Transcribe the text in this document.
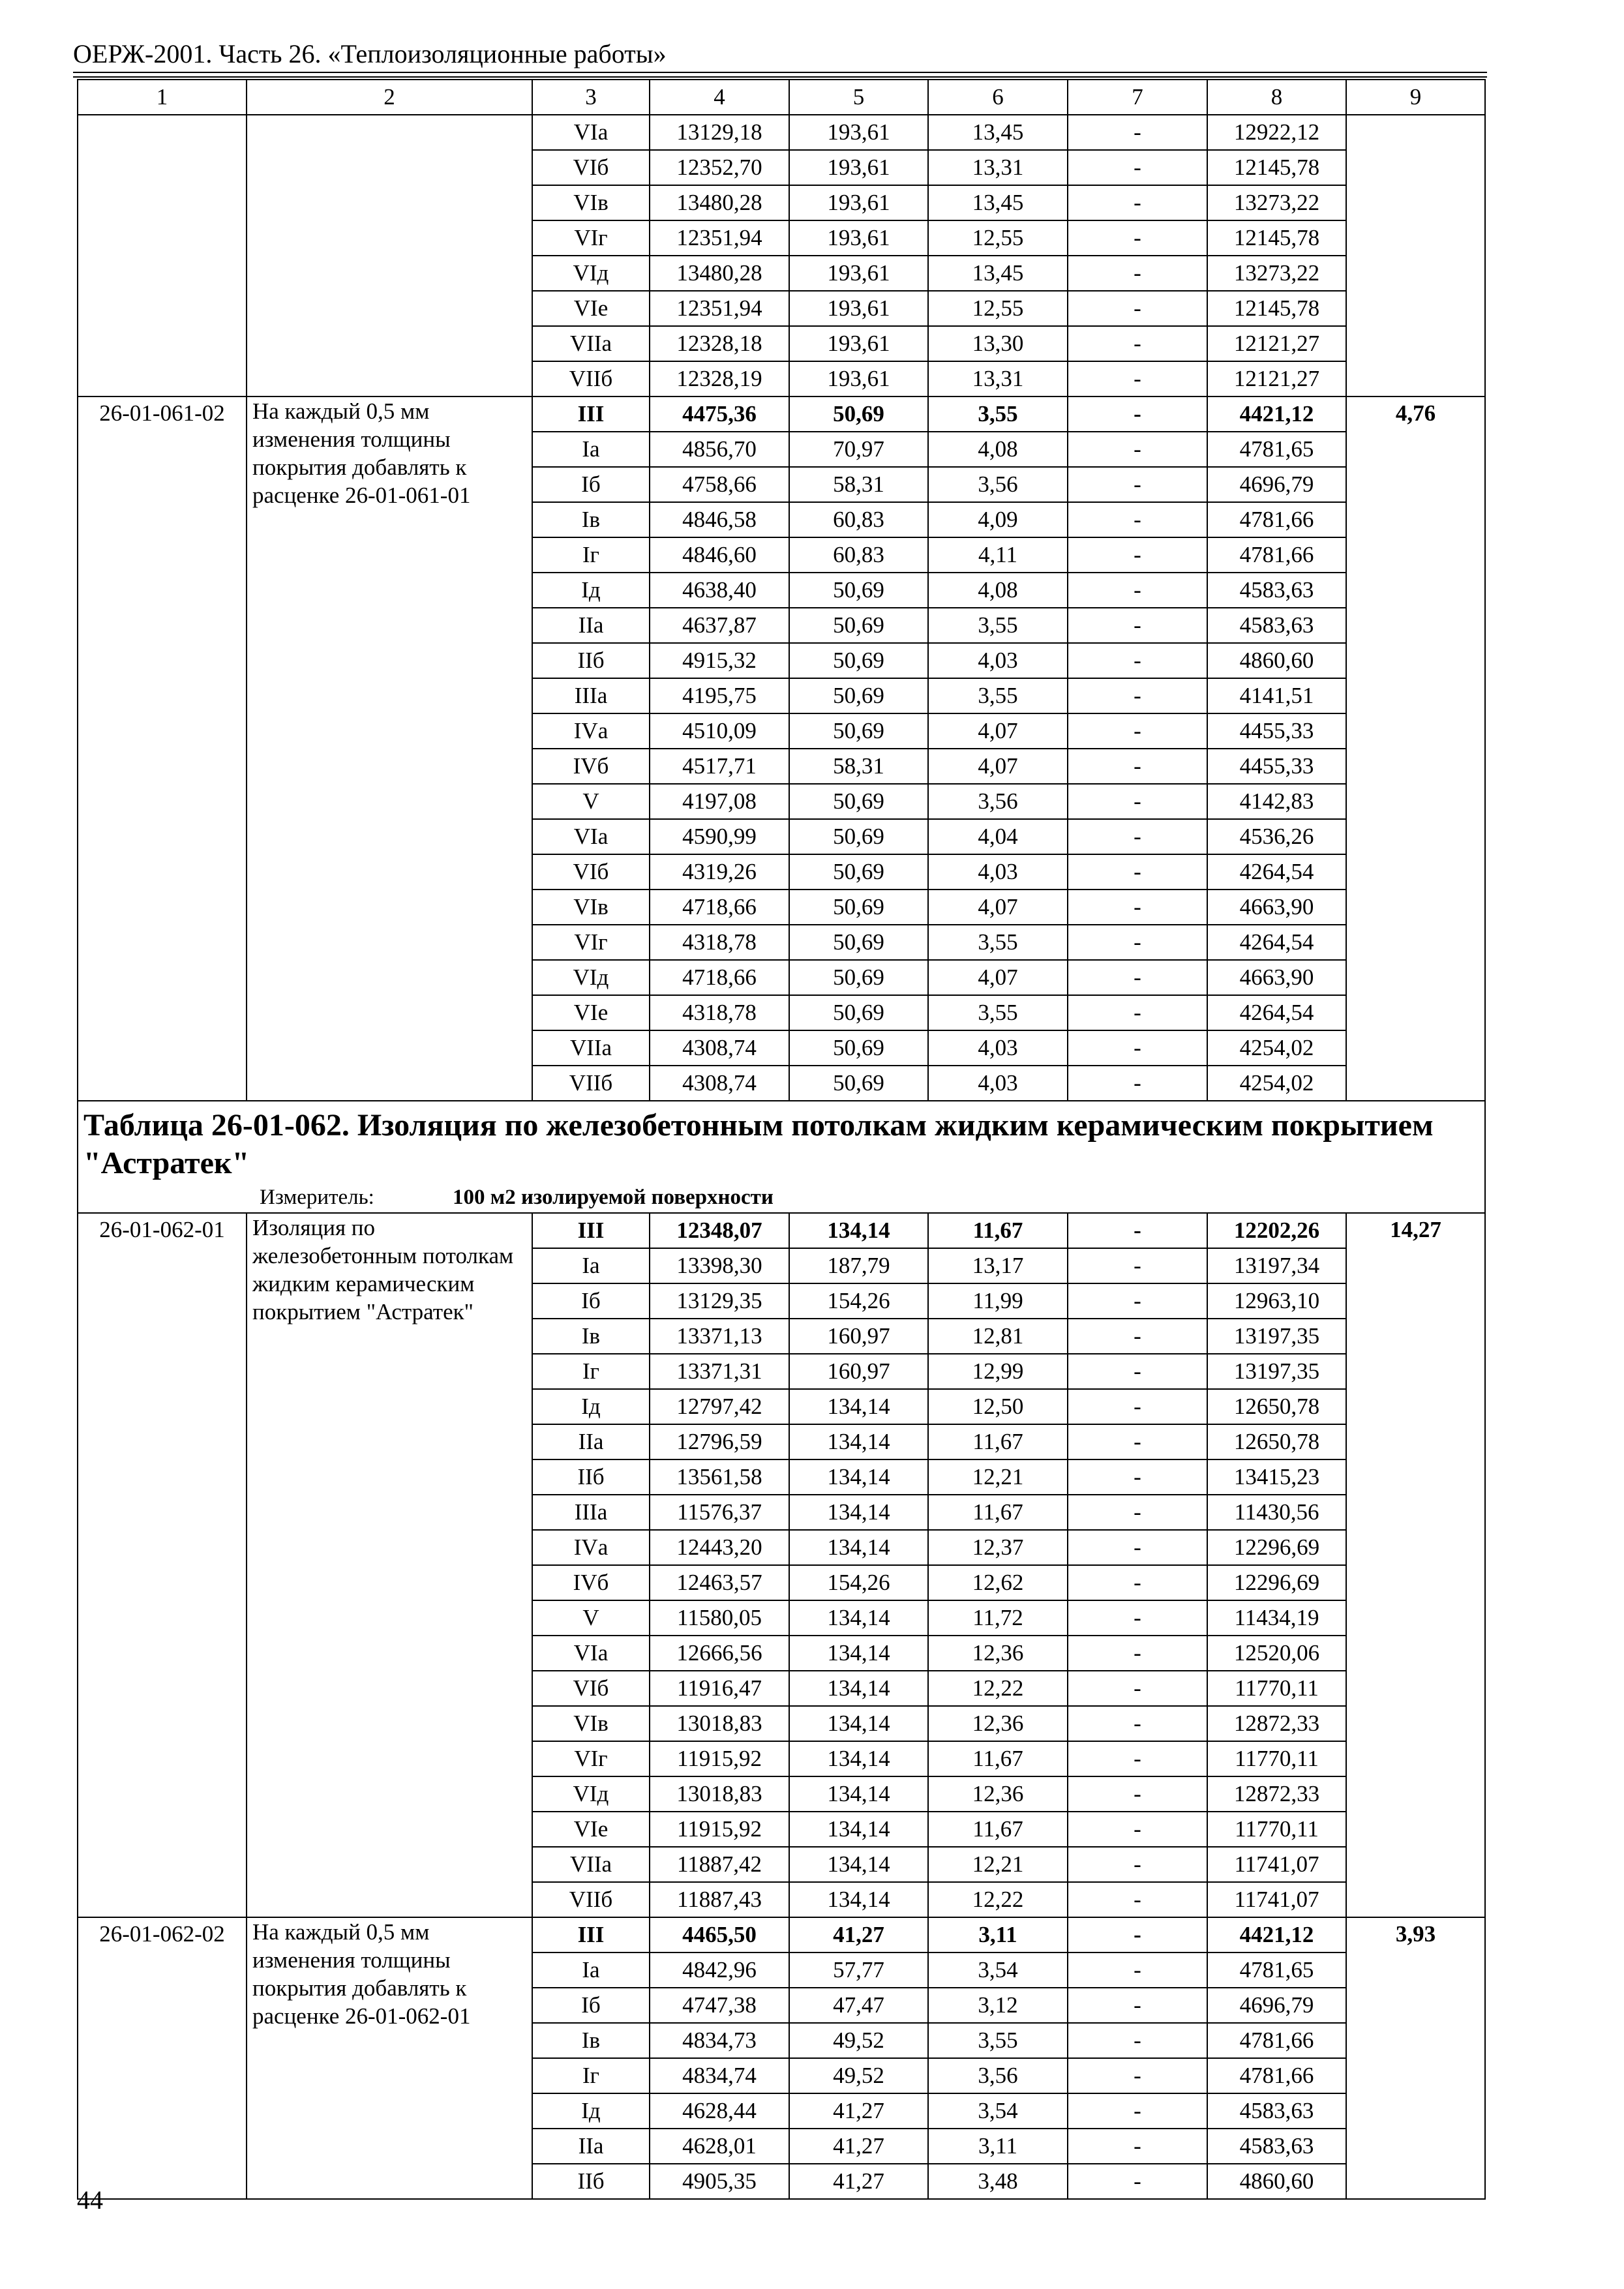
ОЕРЖ-2001. Часть 26. «Теплоизоляционные работы»
1	2	3	4	5	6	7	8	9
		VIа	13129,18	193,61	13,45	-	12922,12	
		VIб	12352,70	193,61	13,31	-	12145,78	
		VIв	13480,28	193,61	13,45	-	13273,22	
		VIг	12351,94	193,61	12,55	-	12145,78	
		VIд	13480,28	193,61	13,45	-	13273,22	
		VIе	12351,94	193,61	12,55	-	12145,78	
		VIIа	12328,18	193,61	13,30	-	12121,27	
		VIIб	12328,19	193,61	13,31	-	12121,27	
26-01-061-02	На каждый 0,5 мм изменения толщины покрытия добавлять к расценке 26-01-061-01	III	4475,36	50,69	3,55	-	4421,12	4,76
		Iа	4856,70	70,97	4,08	-	4781,65	
		Iб	4758,66	58,31	3,56	-	4696,79	
		Iв	4846,58	60,83	4,09	-	4781,66	
		Iг	4846,60	60,83	4,11	-	4781,66	
		Iд	4638,40	50,69	4,08	-	4583,63	
		IIа	4637,87	50,69	3,55	-	4583,63	
		IIб	4915,32	50,69	4,03	-	4860,60	
		IIIа	4195,75	50,69	3,55	-	4141,51	
		IVа	4510,09	50,69	4,07	-	4455,33	
		IVб	4517,71	58,31	4,07	-	4455,33	
		V	4197,08	50,69	3,56	-	4142,83	
		VIа	4590,99	50,69	4,04	-	4536,26	
		VIб	4319,26	50,69	4,03	-	4264,54	
		VIв	4718,66	50,69	4,07	-	4663,90	
		VIг	4318,78	50,69	3,55	-	4264,54	
		VIд	4718,66	50,69	4,07	-	4663,90	
		VIе	4318,78	50,69	3,55	-	4264,54	
		VIIа	4308,74	50,69	4,03	-	4254,02	
		VIIб	4308,74	50,69	4,03	-	4254,02	

Таблица 26-01-062. Изоляция по железобетонным потолкам жидким керамическим покрытием "Астратек"
Измеритель: 100 м2 изолируемой поверхности								

26-01-062-01	Изоляция по железобетонным потолкам жидким керамическим покрытием "Астратек"	III	12348,07	134,14	11,67	-	12202,26	14,27
		Iа	13398,30	187,79	13,17	-	13197,34	
		Iб	13129,35	154,26	11,99	-	12963,10	
		Iв	13371,13	160,97	12,81	-	13197,35	
		Iг	13371,31	160,97	12,99	-	13197,35	
		Iд	12797,42	134,14	12,50	-	12650,78	
		IIа	12796,59	134,14	11,67	-	12650,78	
		IIб	13561,58	134,14	12,21	-	13415,23	
		IIIа	11576,37	134,14	11,67	-	11430,56	
		IVа	12443,20	134,14	12,37	-	12296,69	
		IVб	12463,57	154,26	12,62	-	12296,69	
		V	11580,05	134,14	11,72	-	11434,19	
		VIа	12666,56	134,14	12,36	-	12520,06	
		VIб	11916,47	134,14	12,22	-	11770,11	
		VIв	13018,83	134,14	12,36	-	12872,33	
		VIг	11915,92	134,14	11,67	-	11770,11	
		VIд	13018,83	134,14	12,36	-	12872,33	
		VIе	11915,92	134,14	11,67	-	11770,11	
		VIIа	11887,42	134,14	12,21	-	11741,07	
		VIIб	11887,43	134,14	12,22	-	11741,07	
26-01-062-02	На каждый 0,5 мм изменения толщины покрытия добавлять к расценке 26-01-062-01	III	4465,50	41,27	3,11	-	4421,12	3,93
		Iа	4842,96	57,77	3,54	-	4781,65	
		Iб	4747,38	47,47	3,12	-	4696,79	
		Iв	4834,73	49,52	3,55	-	4781,66	
		Iг	4834,74	49,52	3,56	-	4781,66	
		Iд	4628,44	41,27	3,54	-	4583,63	
		IIа	4628,01	41,27	3,11	-	4583,63	
		IIб	4905,35	41,27	3,48	-	4860,60	
44
